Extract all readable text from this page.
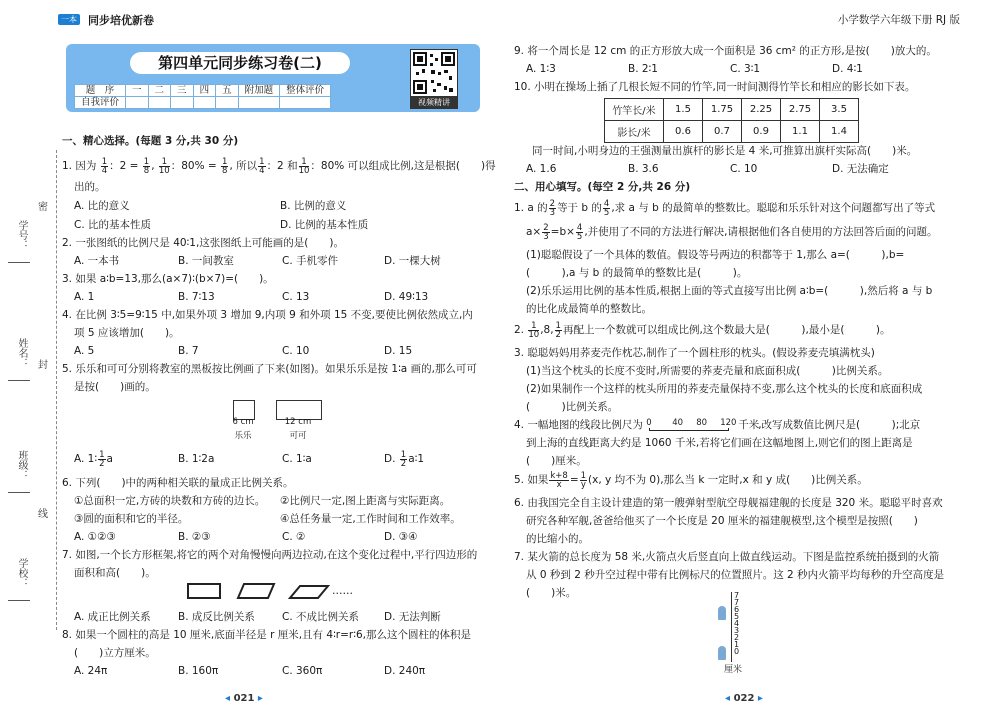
一本 同步培优新卷
第四单元同步练习卷(二)
视频精讲
题　序	一	二	三	四	五	附加题	整体评价
自我评价							
学号：
密
姓名： 封
班级：
线
学校：
一、精心选择。(每题 3 分,共 30 分)
1. 因为 $\frac{1}{4}$ ：$2 = \frac{1}{8}$ , $\frac{1}{10}$ ：$80\% = \frac{1}{8}$ , 所以 $\frac{1}{4}$ ：2 和 $\frac{1}{10}$ ：80% 可以组成比例,这是根据(　　)得
出的。
A. 比的意义	B. 比例的意义
C. 比的基本性质	D. 比例的基本性质
2. 一张图纸的比例尺是 40∶1,这张图纸上可能画的是(　　)。
A. 一本书	B. 一间教室	C. 手机零件	D. 一棵大树
3. 如果 a∶b=13,那么(a×7)∶(b×7)=(　　)。
A. 1	B. 7∶13	C. 13	D. 49∶13
4. 在比例 3∶5=9∶15 中,如果外项 3 增加 9,内项 9 和外项 15 不变,要使比例依然成立,内
项 5 应该增加(　　)。
A. 5	B. 7	C. 10	D. 15
5. 乐乐和可可分别将教室的黑板按比例画了下来(如图)。如果乐乐是按 1∶a 画的,那么可可
是按(　　)画的。
6 cm
乐乐
12 cm
可可
A. 1∶ $\frac{1}{2}$ a	B. 1∶2a	C. 1∶a	D. $\frac{1}{2}$ a∶1
6. 下列(　　)中的两种相关联的量成正比例关系。
①总面积一定,方砖的块数和方砖的边长。 ②比例尺一定,图上距离与实际距离。
③圆的面积和它的半径。	④总任务量一定,工作时间和工作效率。
A. ①②③	B. ②③	C. ②	D. ③④
7. 如图,一个长方形框架,将它的两个对角慢慢向两边拉动,在这个变化过程中,平行四边形的
面积和高(　　)。
……
A. 成正比例关系	B. 成反比例关系	C. 不成比例关系 D. 无法判断
8. 如果一个圆柱的高是 10 厘米,底面半径是 r 厘米,且有 4∶r=r∶6,那么这个圆柱的体积是
(　　)立方厘米。
A. 24π	B. 160π	C. 360π	D. 240π
◂ 021 ▸
小学数学六年级下册 RJ 版
9. 将一个周长是 12 cm 的正方形放大成一个面积是 36 cm² 的正方形,是按(　　)放大的。
A. 1∶3	B. 2∶1	C. 3∶1	D. 4∶1
10. 小明在操场上插了几根长短不同的竹竿,同一时间测得竹竿长和相应的影长如下表。
竹竿长/米	1.5	1.75	2.25	2.75	3.5
影长/米	0.6	0.7	0.9	1.1	1.4
同一时间,小明身边的王强测量出旗杆的影长是 4 米,可推算出旗杆实际高(　　)米。
A. 1.6	B. 3.6	C. 10	D. 无法确定
二、用心填写。(每空 2 分,共 26 分)
1. a 的 $\frac{2}{3}$ 等于 b 的 $\frac{4}{5}$ ,求 a 与 b 的最简单的整数比。聪聪和乐乐针对这个问题都写出了等式
$a\times \frac{2}{3} =b\times \frac{4}{5}$ ,并使用了不同的方法进行解决,请根据他们各自使用的方法回答后面的问题。
(1)聪聪假设了一个具体的数值。假设等号两边的积都等于 1,那么 a=(　　　),b=
(　　　),a 与 b 的最简单的整数比是(　　　)。
(2)乐乐运用比例的基本性质,根据上面的等式直接写出比例 a∶b=(　　　),然后将 a 与 b
的比化成最简单的整数比。
2. $\frac{1}{10} ,8$, $\frac{1}{2}$ 再配上一个数就可以组成比例,这个数最大是(　　　),最小是(　　　)。
3. 聪聪妈妈用荞麦壳作枕芯,制作了一个圆柱形的枕头。(假设荞麦壳填满枕头)
(1)当这个枕头的长度不变时,所需要的荞麦壳量和底面积成(　　　)比例关系。
(2)如果制作一个这样的枕头所用的荞麦壳量保持不变,那么这个枕头的长度和底面积成
(　　　)比例关系。
4. 一幅地图的线段比例尺为 0 40 80 120 千米 ,改写成数值比例尺是(　　　);北京
到上海的直线距离大约是 1060 千米,若将它们画在这幅地图上,则它们的图上距离是
(　　)厘米。
5. 如果 $\frac{k+8}{x} = \frac{1}{y} (x$, y 均不为 0),那么当 k 一定时,x 和 y 成(　　)比例关系。
6. 由我国完全自主设计建造的第一艘弹射型航空母舰福建舰的长度是 320 米。聪聪平时喜欢
研究各种军舰,爸爸给他买了一个长度是 20 厘米的福建舰模型,这个模型是按照(　　)
的比缩小的。
7. 某火箭的总长度为 58 米,火箭点火后竖直向上做直线运动。下图是监控系统拍摄到的火箭
从 0 秒到 2 秒升空过程中带有比例标尺的位置照片。这 2 秒内火箭平均每秒的升空高度是
(　　)米。	7
7
6
5
4
3
2
1
0
厘米
◂ 022 ▸
